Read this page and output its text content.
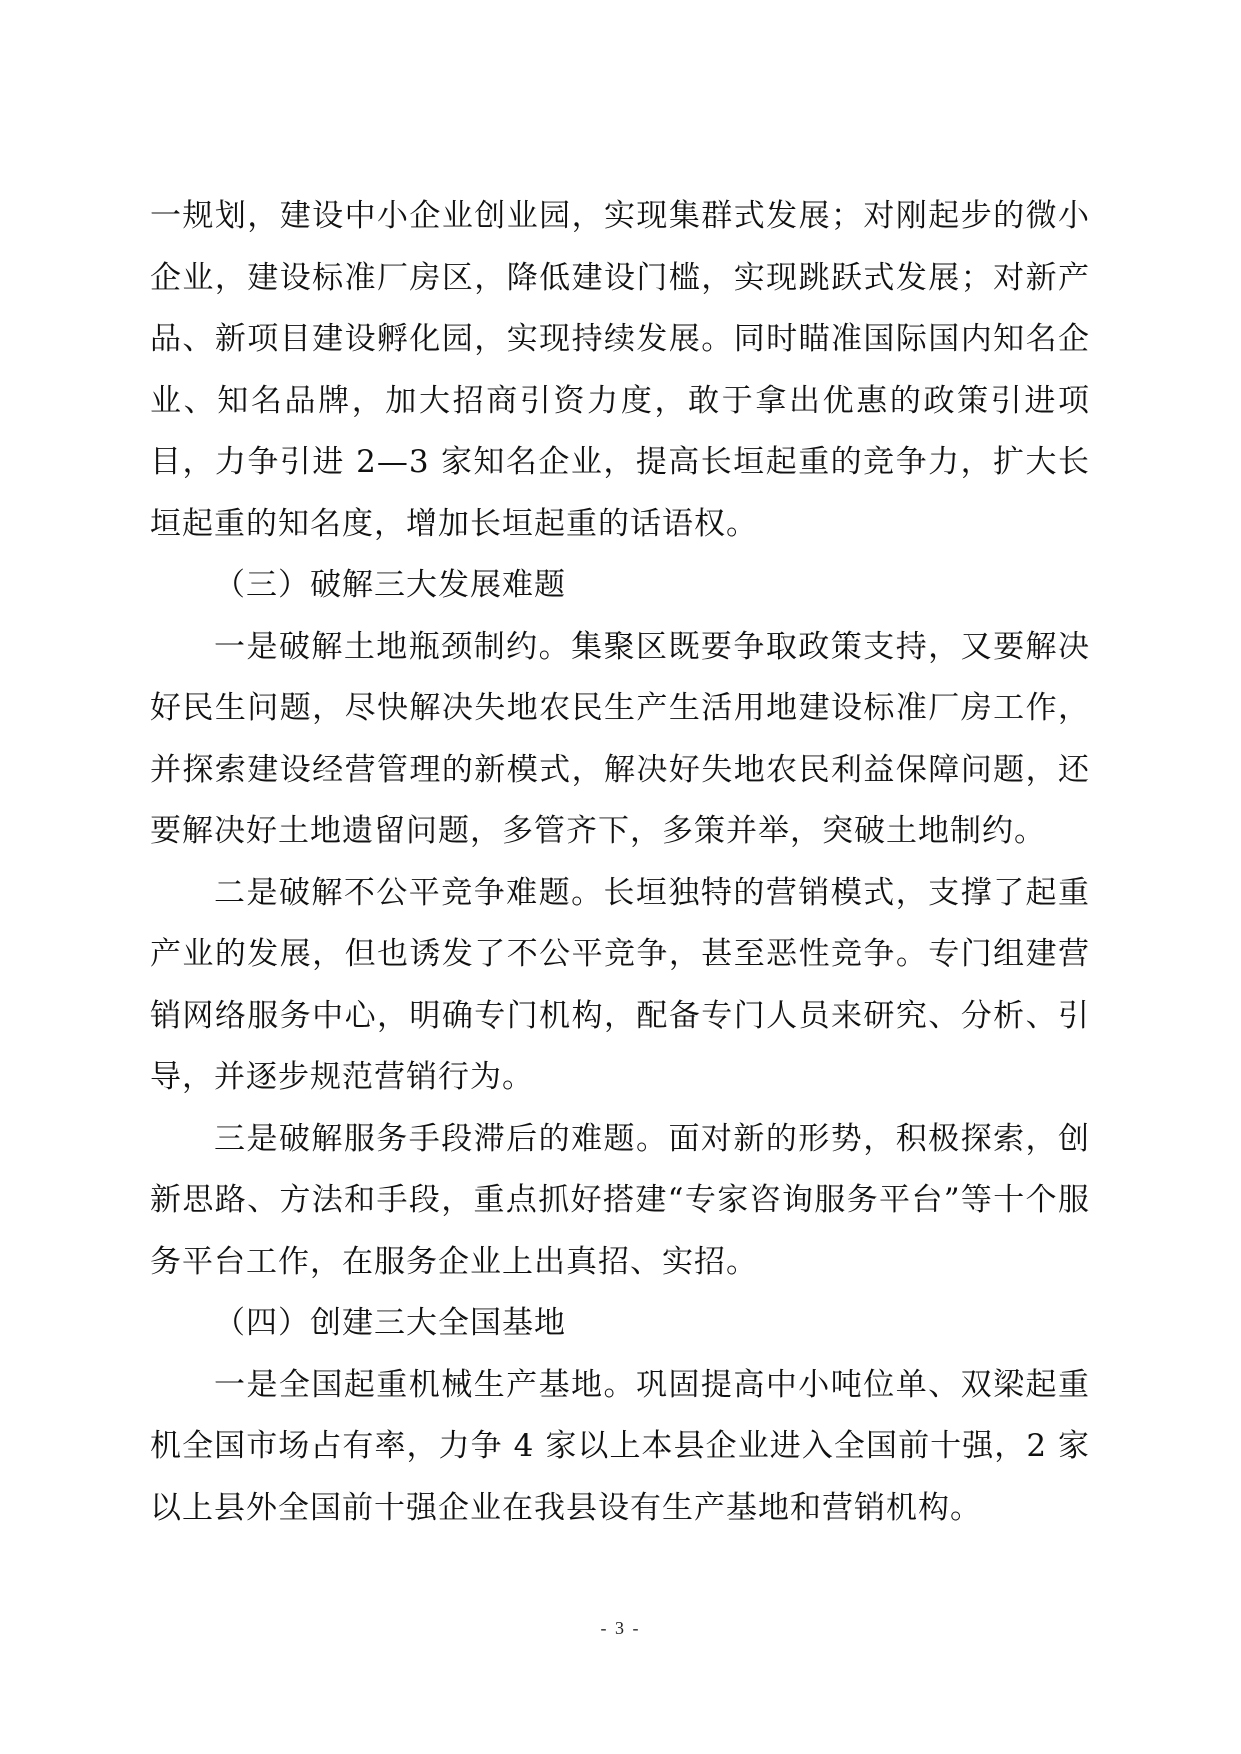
一规划，建设中小企业创业园，实现集群式发展；对刚起步的微小企业，建设标准厂房区，降低建设门槛，实现跳跃式发展；对新产品、新项目建设孵化园，实现持续发展。同时瞄准国际国内知名企业、知名品牌，加大招商引资力度，敢于拿出优惠的政策引进项目，力争引进 2—3 家知名企业，提高长垣起重的竞争力，扩大长垣起重的知名度，增加长垣起重的话语权。

（三）破解三大发展难题

一是破解土地瓶颈制约。集聚区既要争取政策支持，又要解决好民生问题，尽快解决失地农民生产生活用地建设标准厂房工作，并探索建设经营管理的新模式，解决好失地农民利益保障问题，还要解决好土地遗留问题，多管齐下，多策并举，突破土地制约。

二是破解不公平竞争难题。长垣独特的营销模式，支撑了起重产业的发展，但也诱发了不公平竞争，甚至恶性竞争。专门组建营销网络服务中心，明确专门机构，配备专门人员来研究、分析、引导，并逐步规范营销行为。

三是破解服务手段滞后的难题。面对新的形势，积极探索，创新思路、方法和手段，重点抓好搭建“专家咨询服务平台”等十个服务平台工作，在服务企业上出真招、实招。

（四）创建三大全国基地

一是全国起重机械生产基地。巩固提高中小吨位单、双梁起重机全国市场占有率，力争 4 家以上本县企业进入全国前十强，2 家以上县外全国前十强企业在我县设有生产基地和营销机构。

- 3 -
